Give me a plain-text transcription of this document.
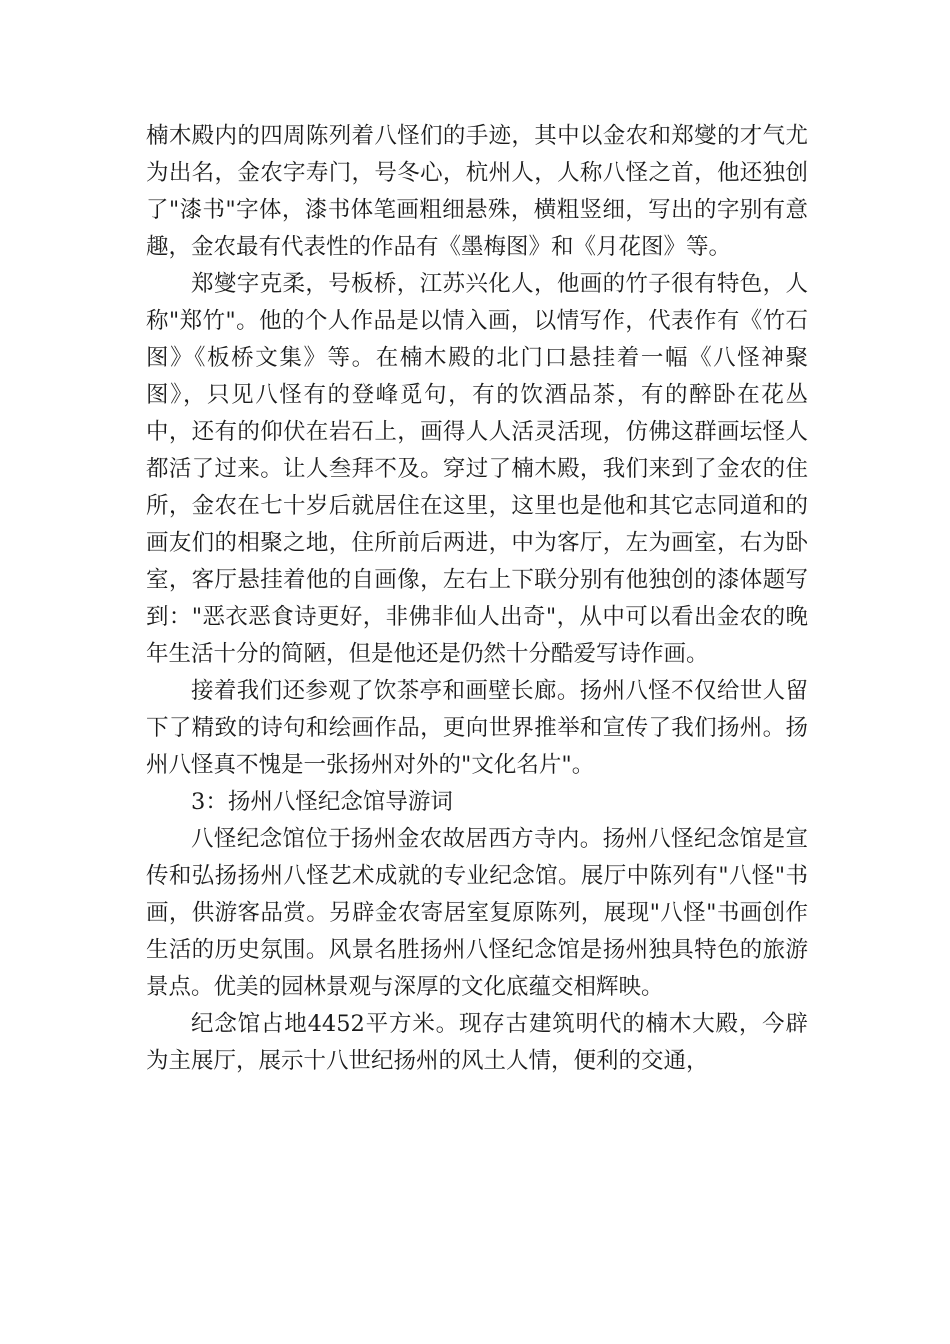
楠木殿内的四周陈列着八怪们的手迹，其中以金农和郑燮的才气尤为出名，金农字寿门，号冬心，杭州人，人称八怪之首，他还独创了"漆书"字体，漆书体笔画粗细悬殊，横粗竖细，写出的字别有意趣，金农最有代表性的作品有《墨梅图》和《月花图》等。

郑燮字克柔，号板桥，江苏兴化人，他画的竹子很有特色，人称"郑竹"。他的个人作品是以情入画，以情写作，代表作有《竹石图》《板桥文集》等。在楠木殿的北门口悬挂着一幅《八怪神聚图》，只见八怪有的登峰觅句，有的饮酒品茶，有的醉卧在花丛中，还有的仰伏在岩石上，画得人人活灵活现，仿佛这群画坛怪人都活了过来。让人叁拜不及。穿过了楠木殿，我们来到了金农的住所，金农在七十岁后就居住在这里，这里也是他和其它志同道和的画友们的相聚之地，住所前后两进，中为客厅，左为画室，右为卧室，客厅悬挂着他的自画像，左右上下联分别有他独创的漆体题写到："恶衣恶食诗更好，非佛非仙人出奇"，从中可以看出金农的晚年生活十分的简陋，但是他还是仍然十分酷爱写诗作画。

接着我们还参观了饮茶亭和画壁长廊。扬州八怪不仅给世人留下了精致的诗句和绘画作品，更向世界推举和宣传了我们扬州。扬州八怪真不愧是一张扬州对外的"文化名片"。

3：扬州八怪纪念馆导游词

八怪纪念馆位于扬州金农故居西方寺内。扬州八怪纪念馆是宣传和弘扬扬州八怪艺术成就的专业纪念馆。展厅中陈列有"八怪"书画，供游客品赏。另辟金农寄居室复原陈列，展现"八怪"书画创作生活的历史氛围。风景名胜扬州八怪纪念馆是扬州独具特色的旅游景点。优美的园林景观与深厚的文化底蕴交相辉映。

纪念馆占地4452平方米。现存古建筑明代的楠木大殿，今辟为主展厅，展示十八世纪扬州的风土人情，便利的交通，
